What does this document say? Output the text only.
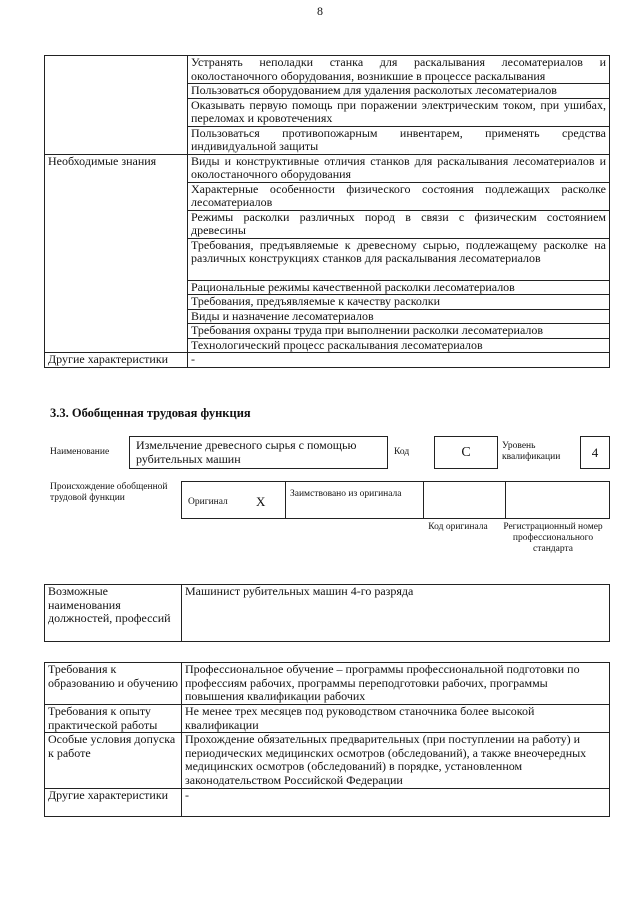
8
	Устранять неполадки станка для раскалывания лесоматериалов и околостаночного оборудования, возникшие в процессе раскалывания
	Пользоваться оборудованием для удаления расколотых лесоматериалов
	Оказывать первую помощь при поражении электрическим током, при ушибах, переломах и кровотечениях
	Пользоваться противопожарным инвентарем, применять средства индивидуальной защиты
Необходимые знания	Виды и конструктивные отличия станков для раскалывания лесоматериалов и околостаночного оборудования
	Характерные особенности физического состояния подлежащих расколке лесоматериалов
	Режимы расколки различных пород в связи с физическим состоянием древесины
	Требования, предъявляемые к древесному сырью, подлежащему расколке на различных конструкциях станков для раскалывания лесоматериалов
	Рациональные режимы качественной расколки лесоматериалов
	Требования, предъявляемые к качеству расколки
	Виды и назначение лесоматериалов
	Требования охраны труда при выполнении расколки лесоматериалов
	Технологический процесс раскалывания лесоматериалов
Другие характеристики	-
3.3. Обобщенная трудовая функция
Наименование	Измельчение древесного сырья с помощью рубительных машин	Код	C	Уровень квалификации	4
Происхождение обобщенной трудовой функции	Оригинал X	Заимствовано из оригинала
Код оригинала	Регистрационный номер профессионального стандарта
Возможные наименования должностей, профессий	Машинист рубительных машин 4-го разряда
Требования к образованию и обучению	Профессиональное обучение – программы профессиональной подготовки по профессиям рабочих, программы переподготовки рабочих, программы повышения квалификации рабочих
Требования к опыту практической работы	Не менее трех месяцев под руководством станочника более высокой квалификации
Особые условия допуска к работе	Прохождение обязательных предварительных (при поступлении на работу) и периодических медицинских осмотров (обследований), а также внеочередных медицинских осмотров (обследований) в порядке, установленном законодательством Российской Федерации
Другие характеристики	-
